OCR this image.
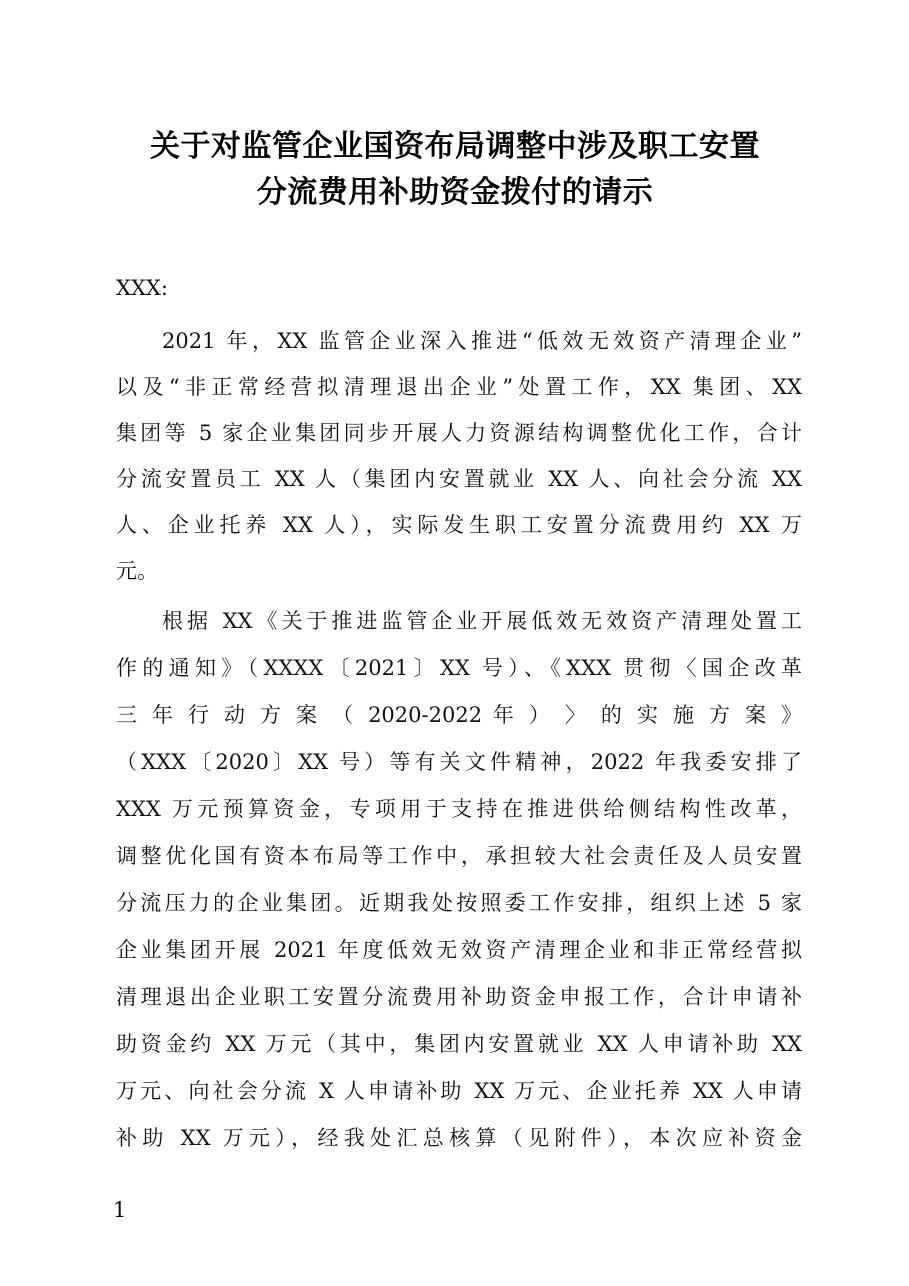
关于对监管企业国资布局调整中涉及职工安置
分流费用补助资金拨付的请示
XXX:
2021 年，XX 监管企业深入推进“低效无效资产清理企业”
以及“非正常经营拟清理退出企业”处置工作，XX 集团、XX
集团等 5 家企业集团同步开展人力资源结构调整优化工作，合计
分流安置员工 XX 人（集团内安置就业 XX 人、向社会分流 XX
人、企业托养 XX 人），实际发生职工安置分流费用约 XX 万
元。
根据 XX《关于推进监管企业开展低效无效资产清理处置工
作的通知》（XXXX〔2021〕XX 号）、《XXX 贯彻〈国企改革
三 年 行 动 方 案 （ 2020-2022 年 ） 〉 的 实 施 方 案 》
（XXX〔2020〕XX 号）等有关文件精神，2022 年我委安排了
XXX 万元预算资金，专项用于支持在推进供给侧结构性改革，
调整优化国有资本布局等工作中，承担较大社会责任及人员安置
分流压力的企业集团。近期我处按照委工作安排，组织上述 5 家
企业集团开展 2021 年度低效无效资产清理企业和非正常经营拟
清理退出企业职工安置分流费用补助资金申报工作，合计申请补
助资金约 XX 万元（其中，集团内安置就业 XX 人申请补助 XX
万元、向社会分流 X 人申请补助 XX 万元、企业托养 XX 人申请
补助 XX 万元），经我处汇总核算（见附件），本次应补资金
1
